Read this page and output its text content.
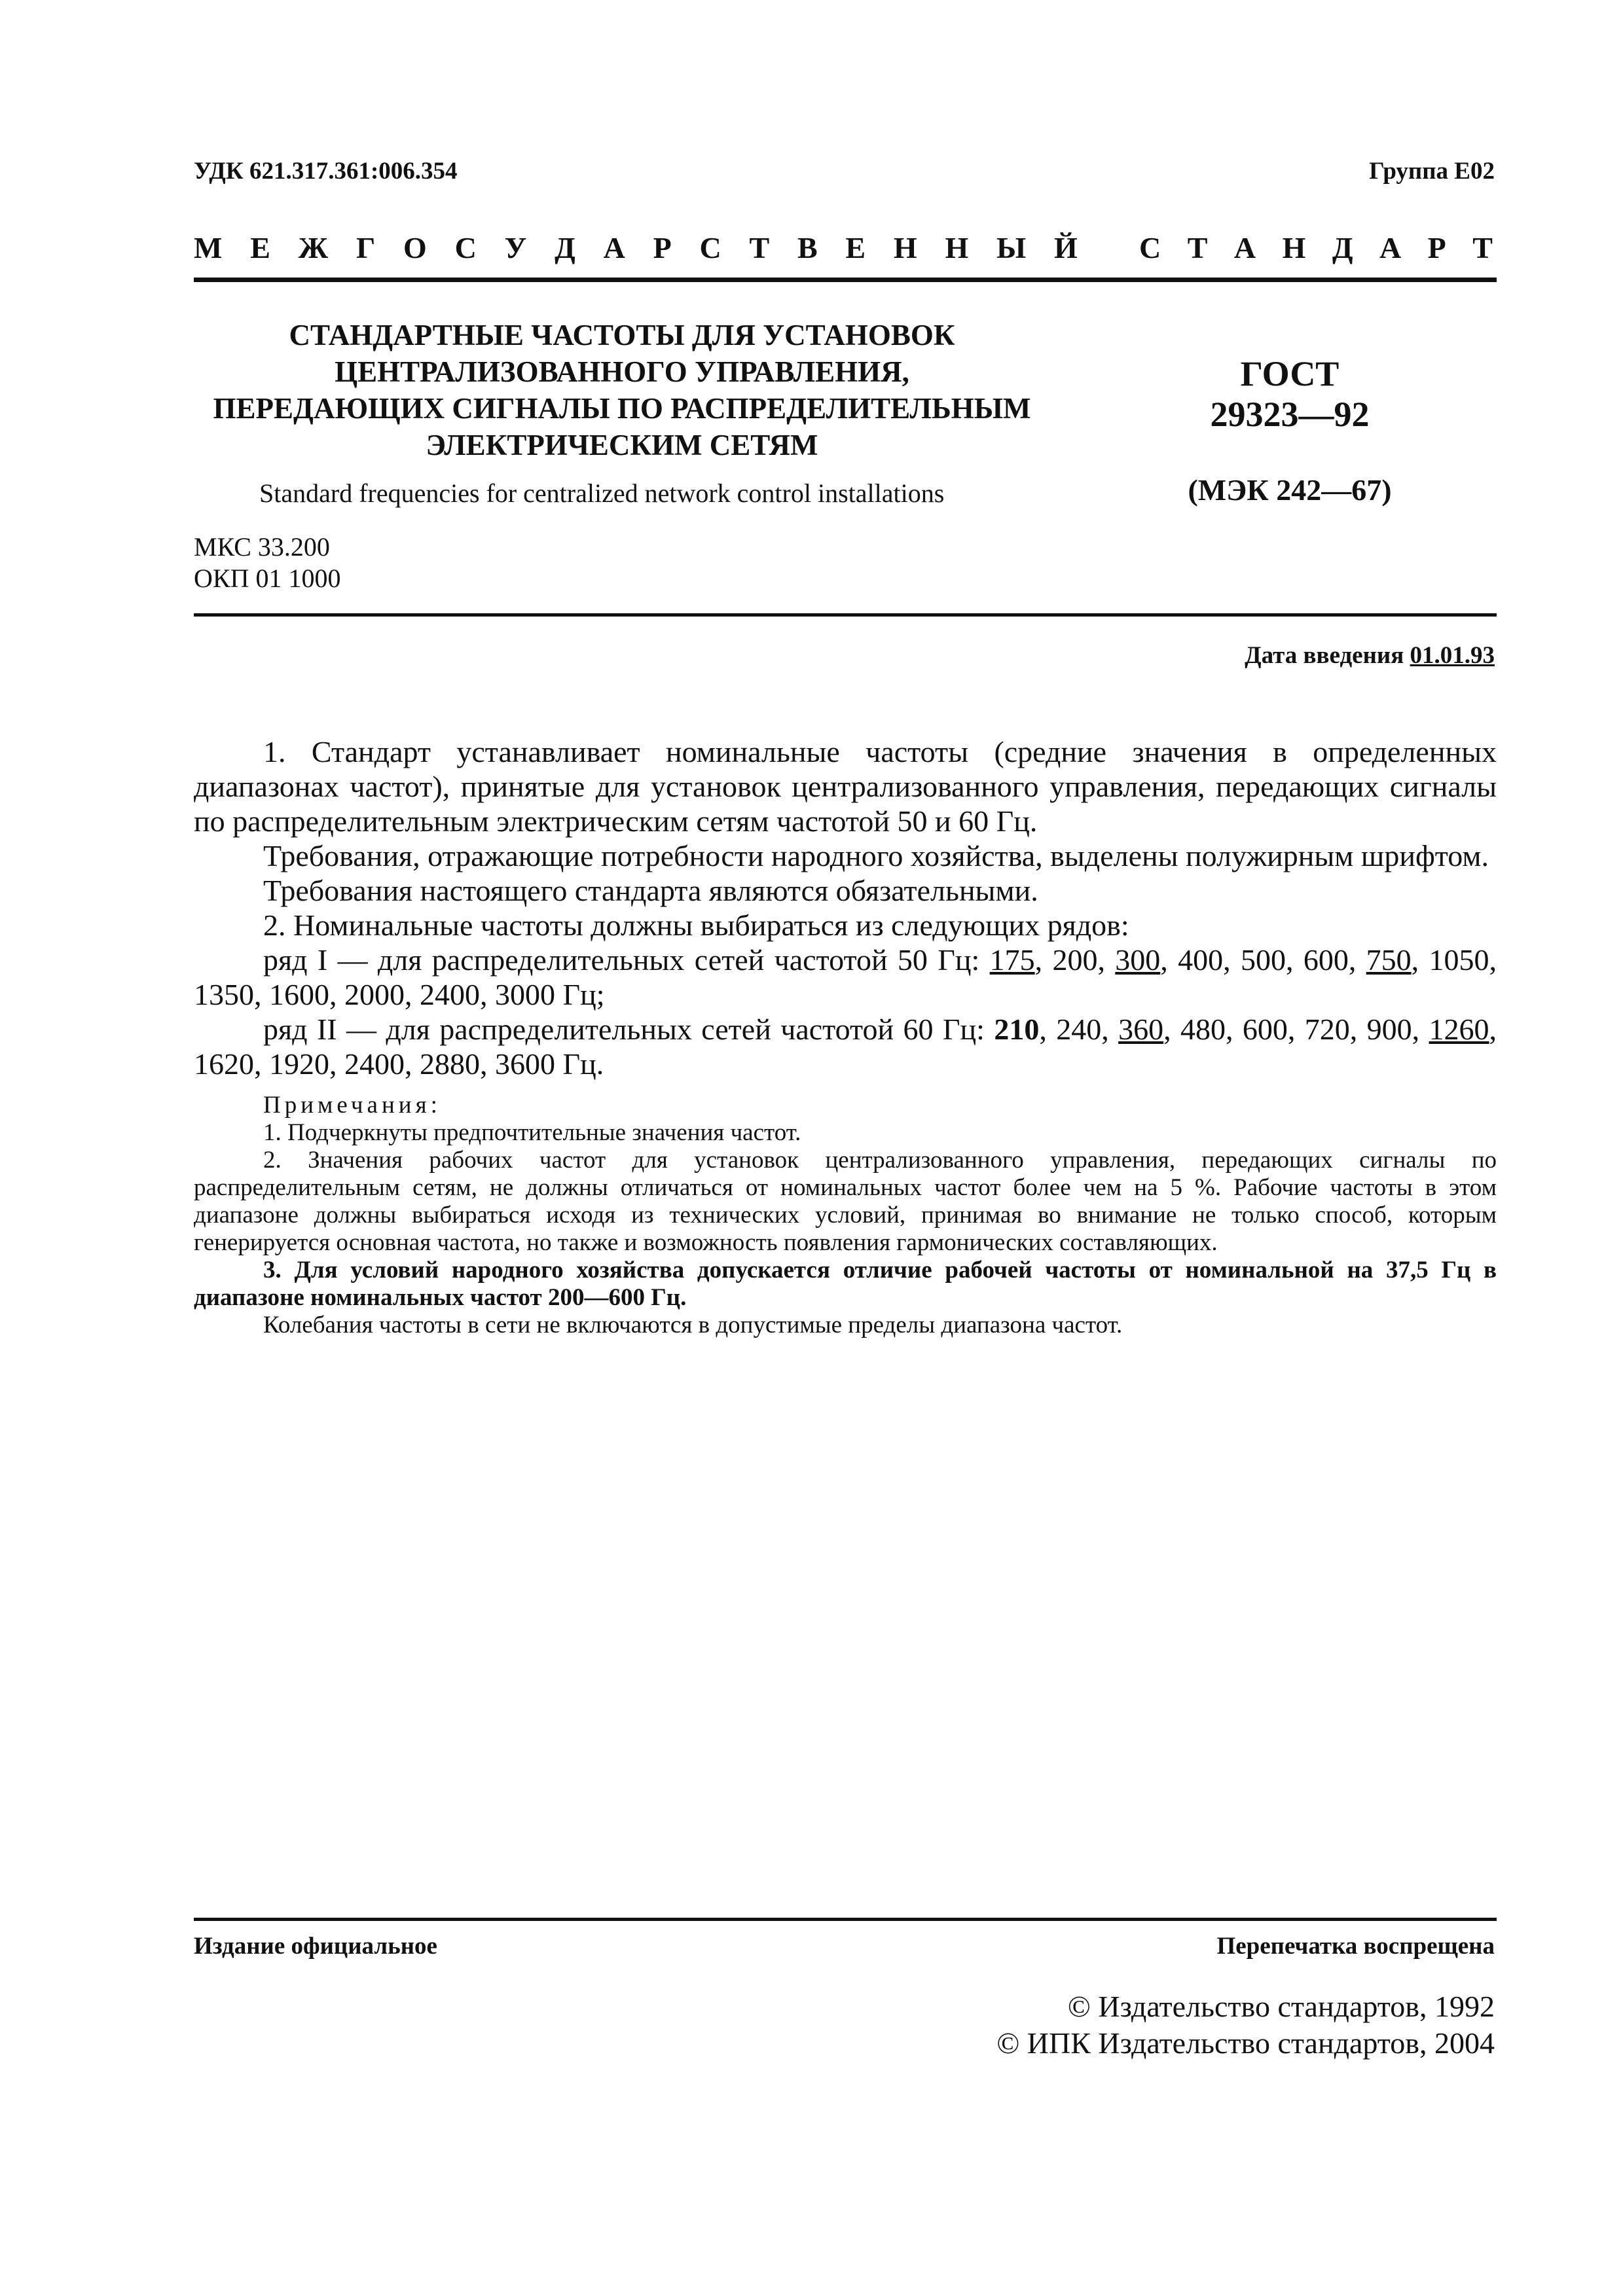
УДК 621.317.361:006.354	Группа Е02
М Е Ж Г О С У Д А Р С Т В Е Н Н Ы Й С Т А Н Д А Р Т
СТАНДАРТНЫЕ ЧАСТОТЫ ДЛЯ УСТАНОВОК
ЦЕНТРАЛИЗОВАННОГО УПРАВЛЕНИЯ,
ПЕРЕДАЮЩИХ СИГНАЛЫ ПО РАСПРЕДЕЛИТЕЛЬНЫМ
ЭЛЕКТРИЧЕСКИМ СЕТЯМ
ГОСТ
29323—92
Standard frequencies for centralized network control installations	(МЭК 242—67)
МКС 33.200
ОКП 01 1000
Дата введения 01.01.93

1. Стандарт устанавливает номинальные частоты (средние значения в определенных диапазонах частот), принятые для установок централизованного управления, передающих сигналы по распределительным электрическим сетям частотой 50 и 60 Гц.

Требования, отражающие потребности народного хозяйства, выделены полужирным шрифтом.

Требования настоящего стандарта являются обязательными.

2. Номинальные частоты должны выбираться из следующих рядов:

ряд I — для распределительных сетей частотой 50 Гц: 175, 200, 300, 400, 500, 600, 750, 1050, 1350, 1600, 2000, 2400, 3000 Гц;

ряд II — для распределительных сетей частотой 60 Гц: 210, 240, 360, 480, 600, 720, 900, 1260, 1620, 1920, 2400, 2880, 3600 Гц.

Примечания:

1. Подчеркнуты предпочтительные значения частот.

2. Значения рабочих частот для установок централизованного управления, передающих сигналы по распределительным сетям, не должны отличаться от номинальных частот более чем на 5 %. Рабочие частоты в этом диапазоне должны выбираться исходя из технических условий, принимая во внимание не только способ, которым генерируется основная частота, но также и возможность появления гармонических составляющих.

3. Для условий народного хозяйства допускается отличие рабочей частоты от номинальной на 37,5 Гц в диапазоне номинальных частот 200—600 Гц.

Колебания частоты в сети не включаются в допустимые пределы диапазона частот.

Издание официальное	Перепечатка воспрещена
© Издательство стандартов, 1992
© ИПК Издательство стандартов, 2004
